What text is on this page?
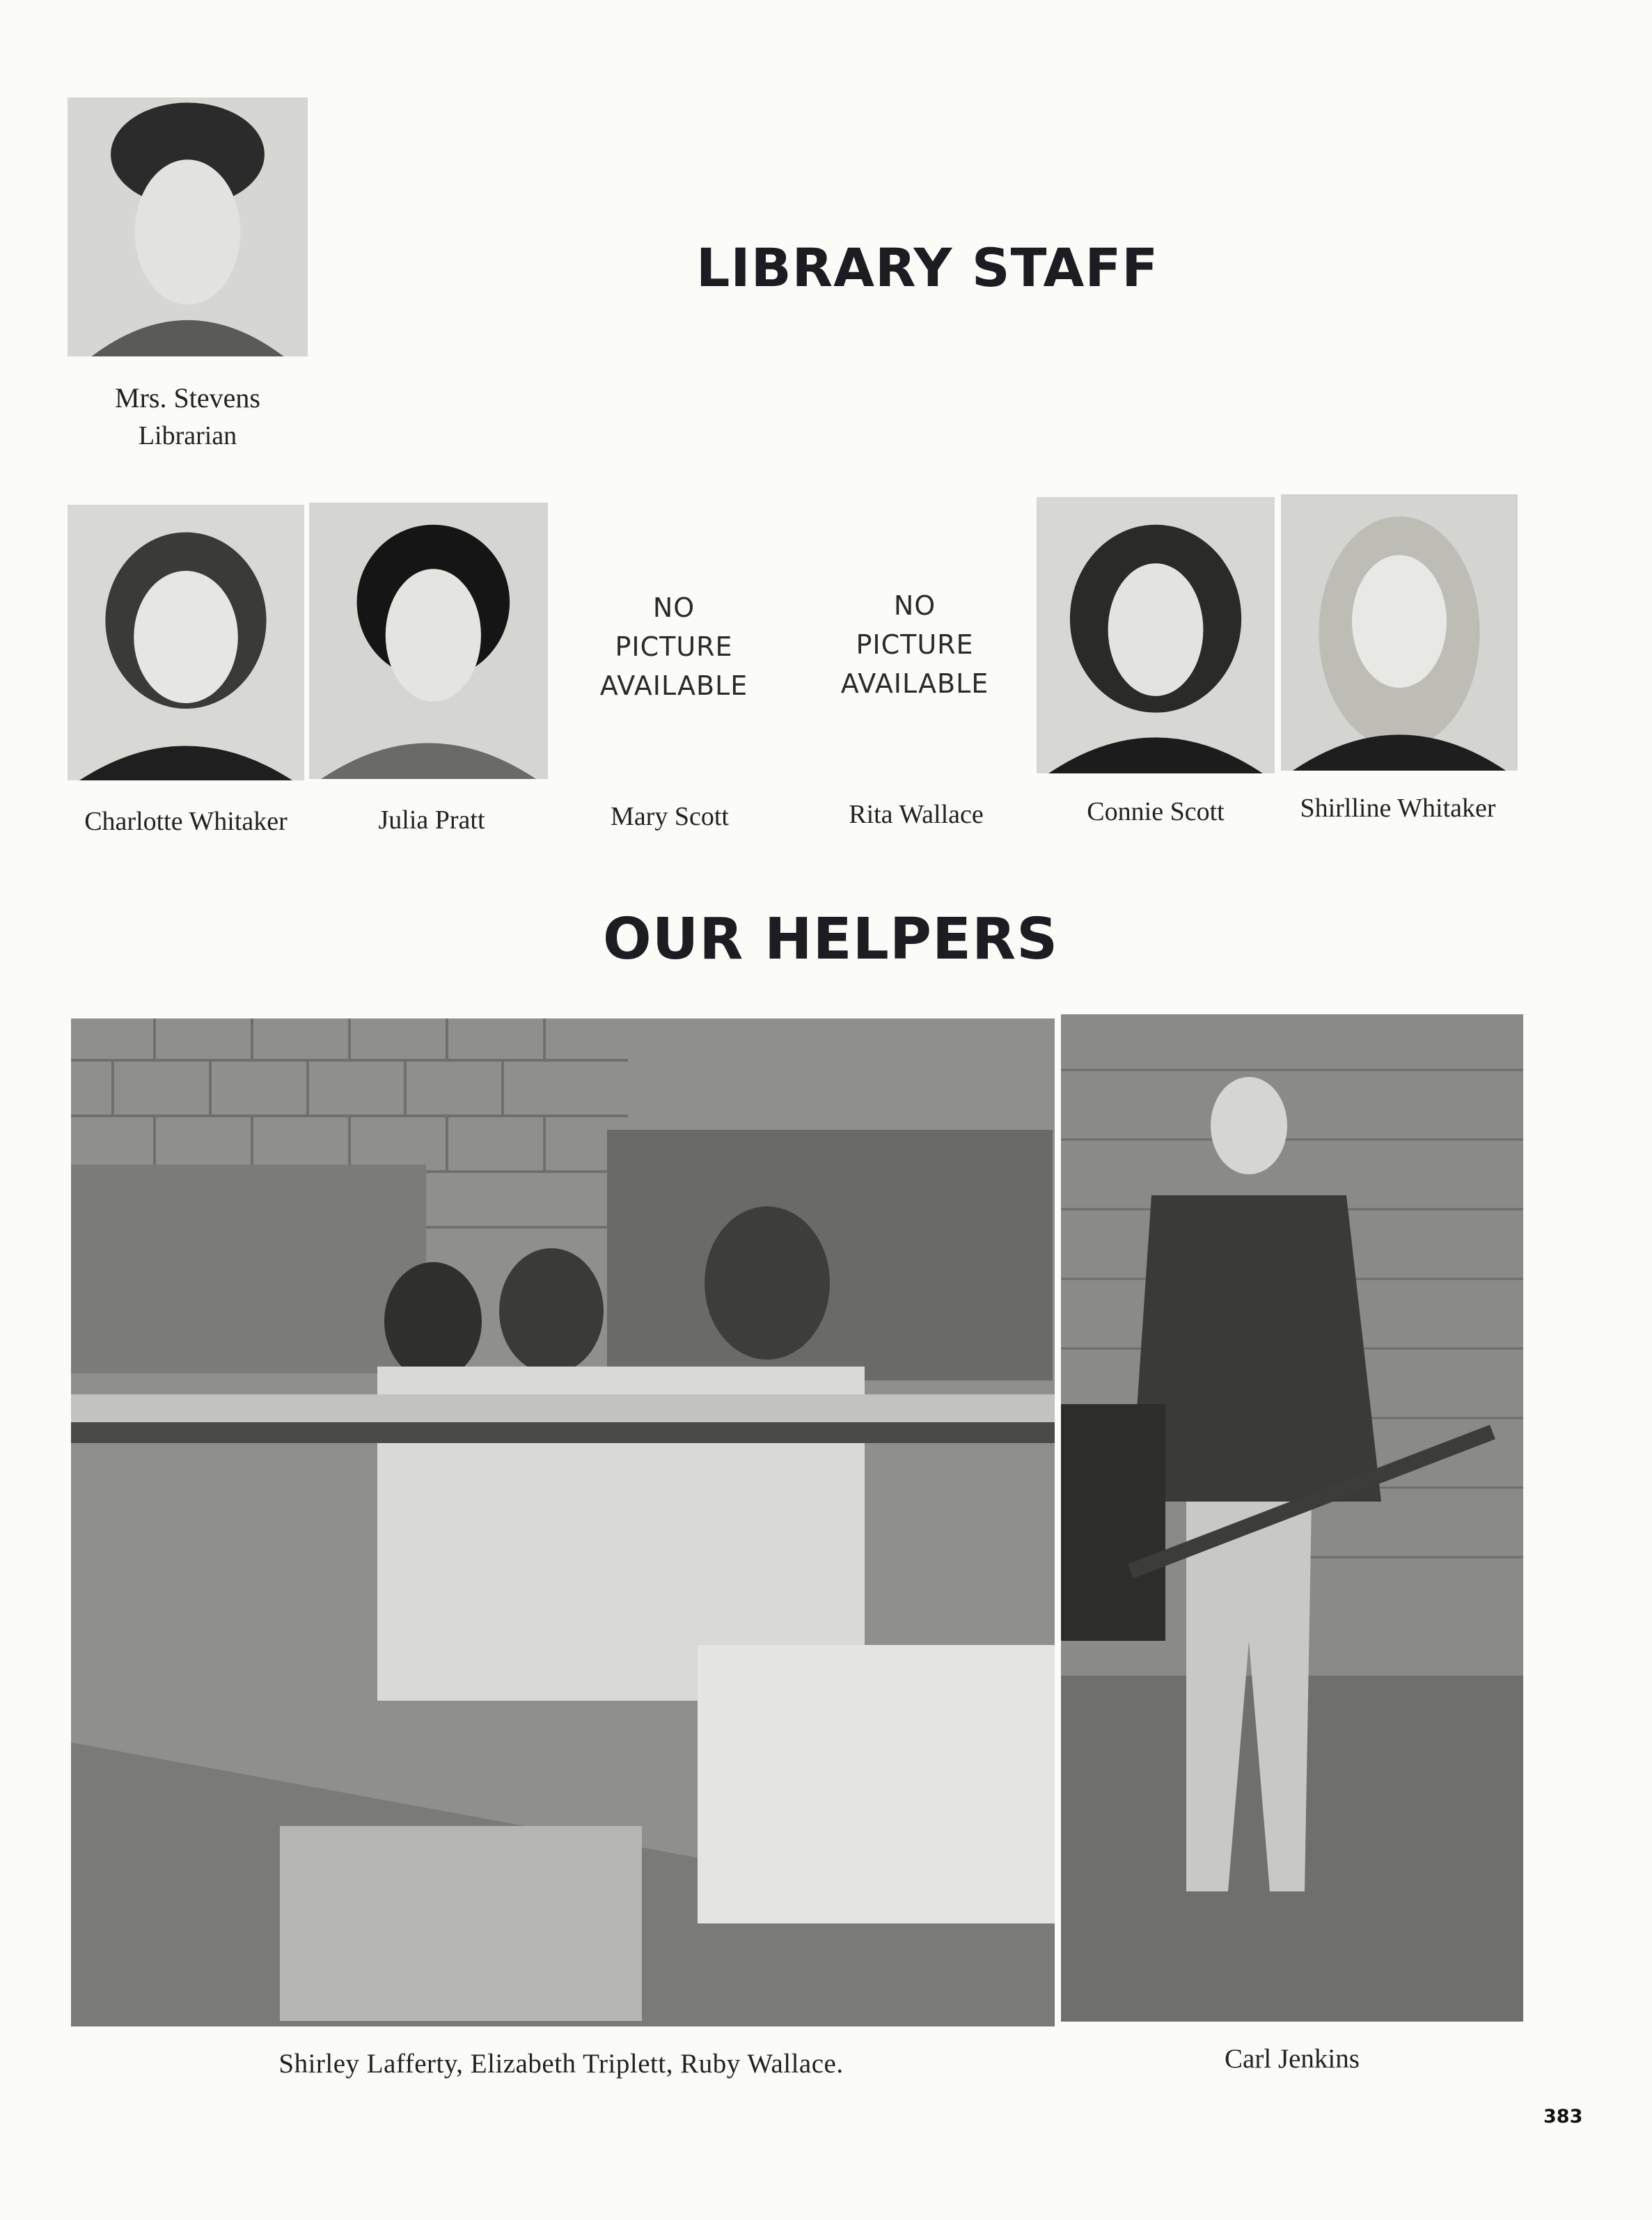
Mrs. Stevens
Librarian
LIBRARY STAFF
NO
PICTURE
AVAILABLE
NO
PICTURE
AVAILABLE
Charlotte Whitaker	Julia Pratt	Mary Scott	Rita Wallace	Connie Scott	Shirlline Whitaker
OUR HELPERS
Shirley Lafferty, Elizabeth Triplett, Ruby Wallace.	Carl Jenkins
383
